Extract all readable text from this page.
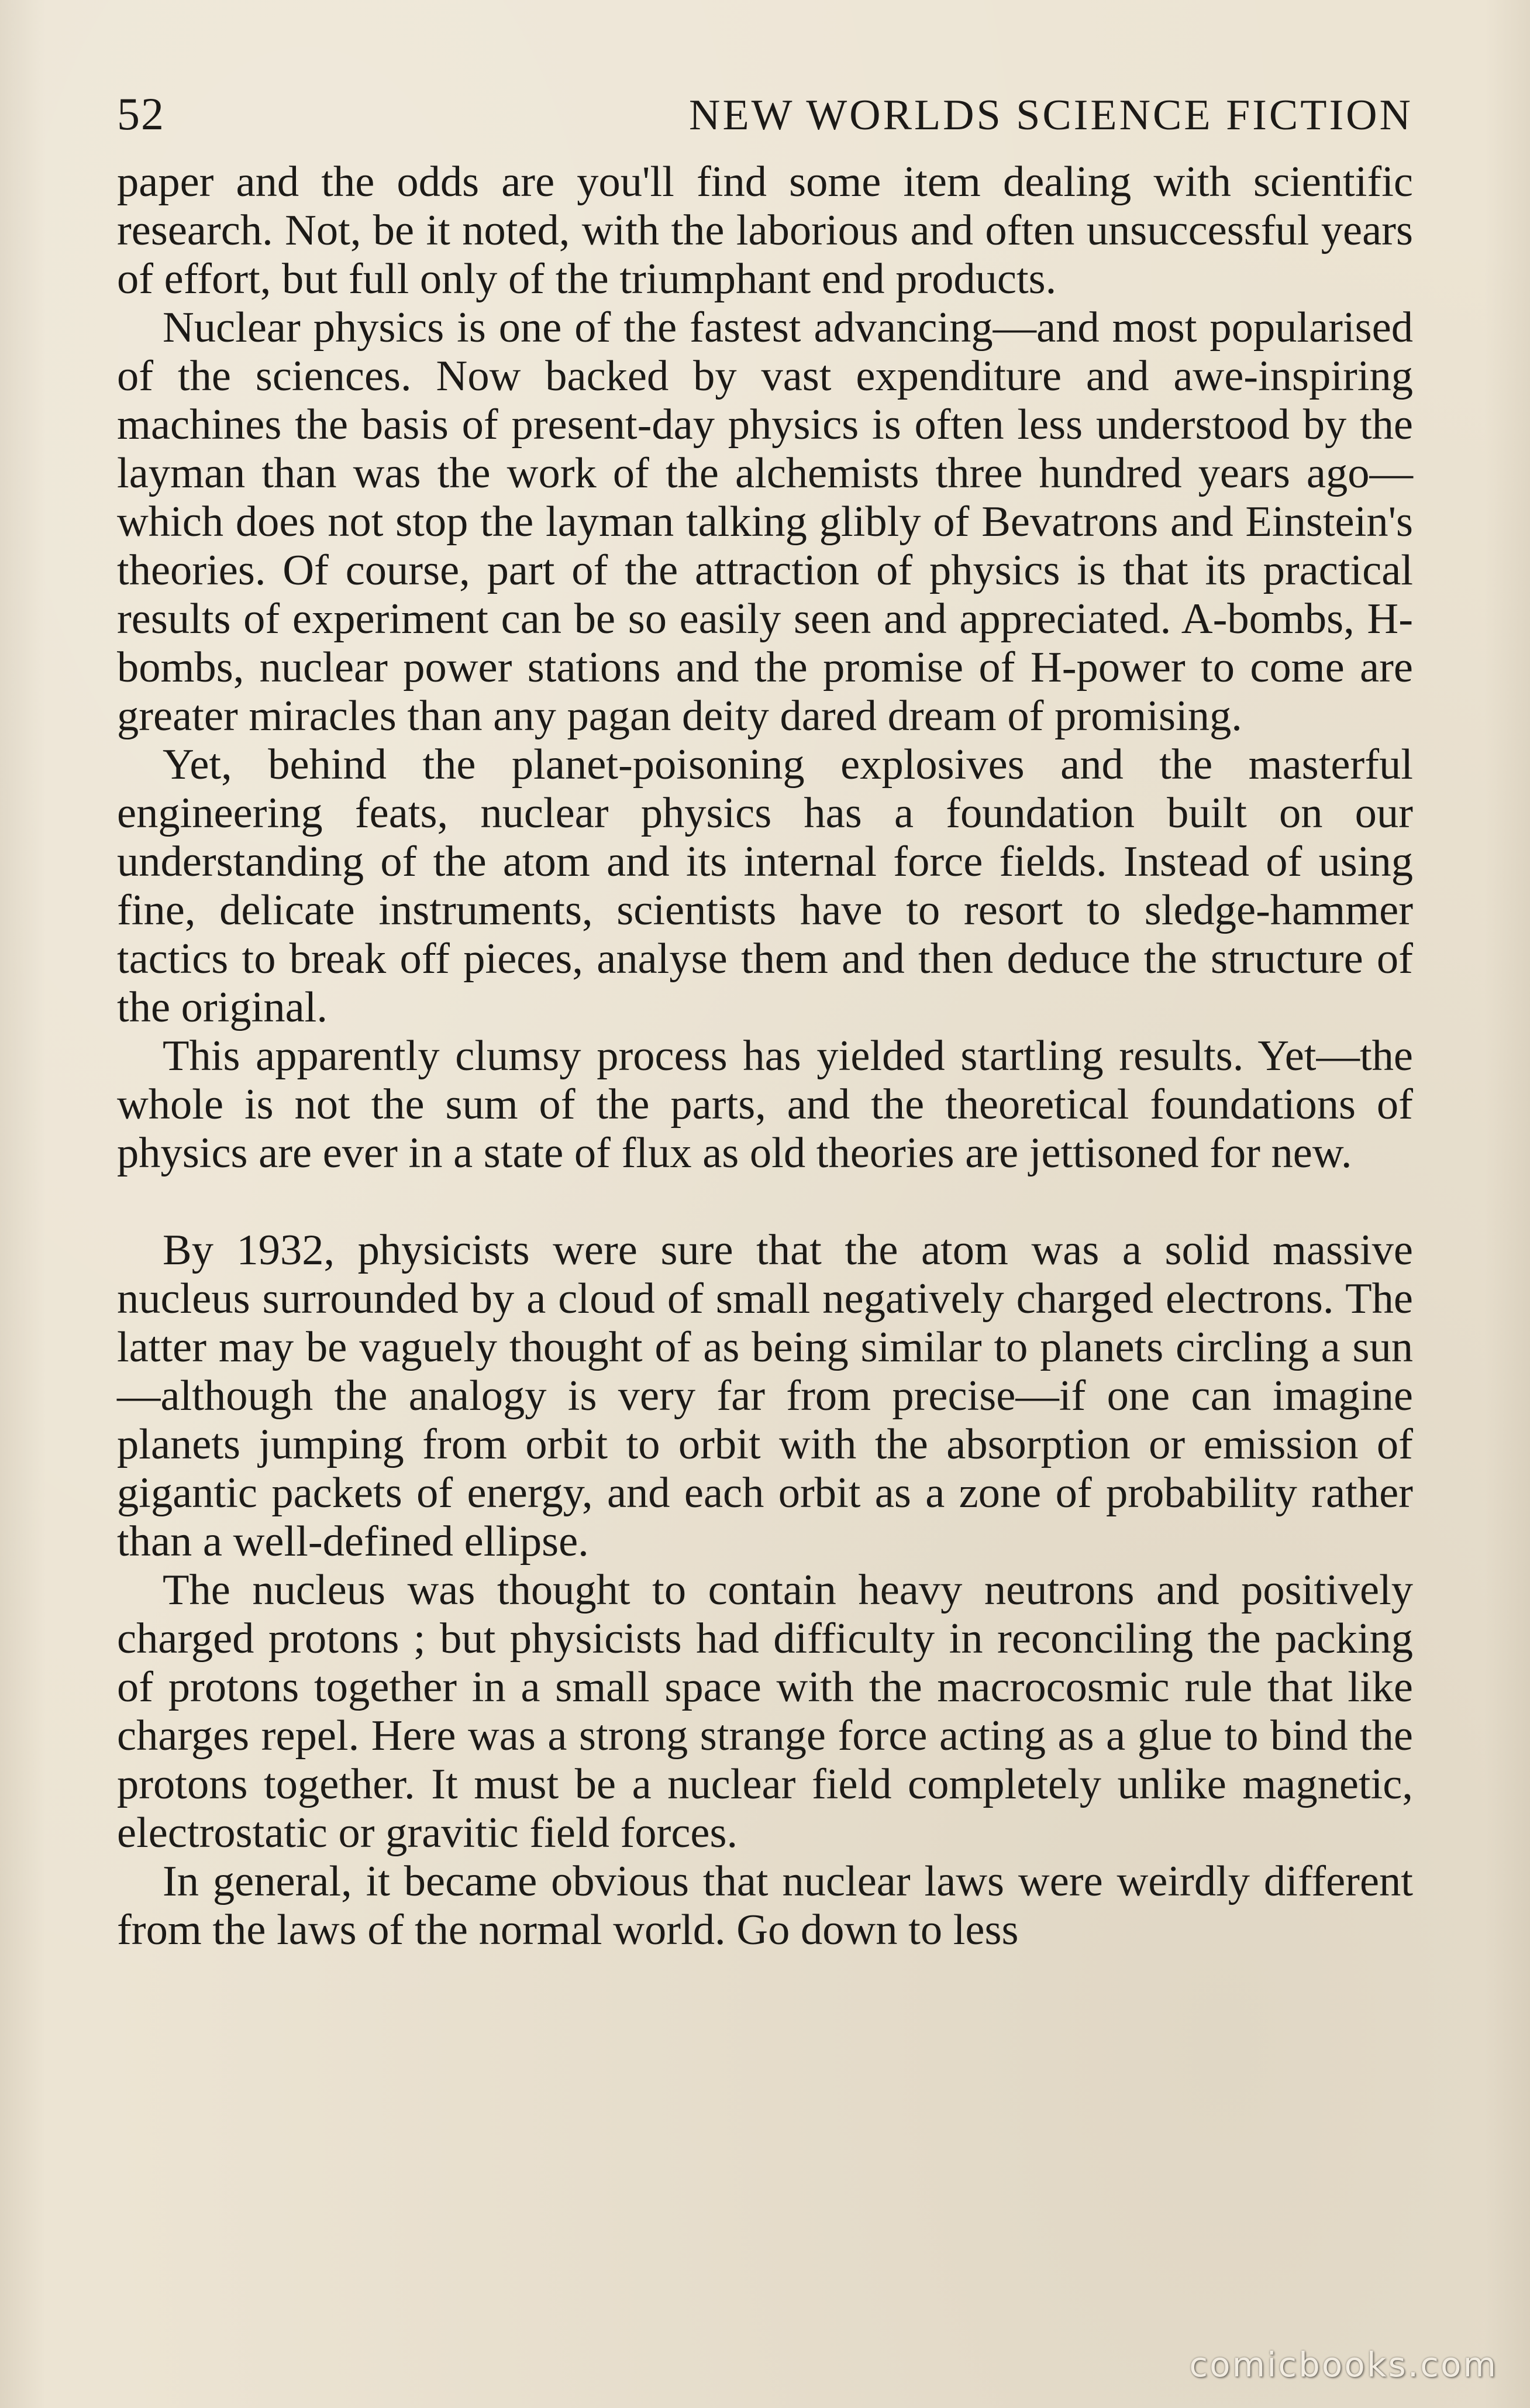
52	NEW WORLDS SCIENCE FICTION

paper and the odds are you'll find some item dealing with scientific research. Not, be it noted, with the laborious and often unsuccessful years of effort, but full only of the triumphant end products.

Nuclear physics is one of the fastest advancing—and most popularised of the sciences. Now backed by vast expenditure and awe-inspiring machines the basis of present-day physics is often less understood by the layman than was the work of the alchemists three hundred years ago—which does not stop the layman talking glibly of Bevatrons and Einstein's theories. Of course, part of the attraction of physics is that its practical results of experiment can be so easily seen and appreciated. A-bombs, H-bombs, nuclear power stations and the promise of H-power to come are greater miracles than any pagan deity dared dream of promising.

Yet, behind the planet-poisoning explosives and the masterful engineering feats, nuclear physics has a foundation built on our understanding of the atom and its internal force fields. Instead of using fine, delicate instruments, scientists have to resort to sledge-hammer tactics to break off pieces, analyse them and then deduce the structure of the original.

This apparently clumsy process has yielded startling results. Yet—the whole is not the sum of the parts, and the theoretical foundations of physics are ever in a state of flux as old theories are jettisoned for new.

By 1932, physicists were sure that the atom was a solid massive nucleus surrounded by a cloud of small negatively charged electrons. The latter may be vaguely thought of as being similar to planets circling a sun—although the analogy is very far from precise—if one can imagine planets jumping from orbit to orbit with the absorption or emission of gigantic packets of energy, and each orbit as a zone of probability rather than a well-defined ellipse.

The nucleus was thought to contain heavy neutrons and positively charged protons ; but physicists had difficulty in reconciling the packing of protons together in a small space with the macrocosmic rule that like charges repel. Here was a strong strange force acting as a glue to bind the protons together. It must be a nuclear field completely unlike magnetic, electrostatic or gravitic field forces.

In general, it became obvious that nuclear laws were weirdly different from the laws of the normal world. Go down to less

comicbooks.com
